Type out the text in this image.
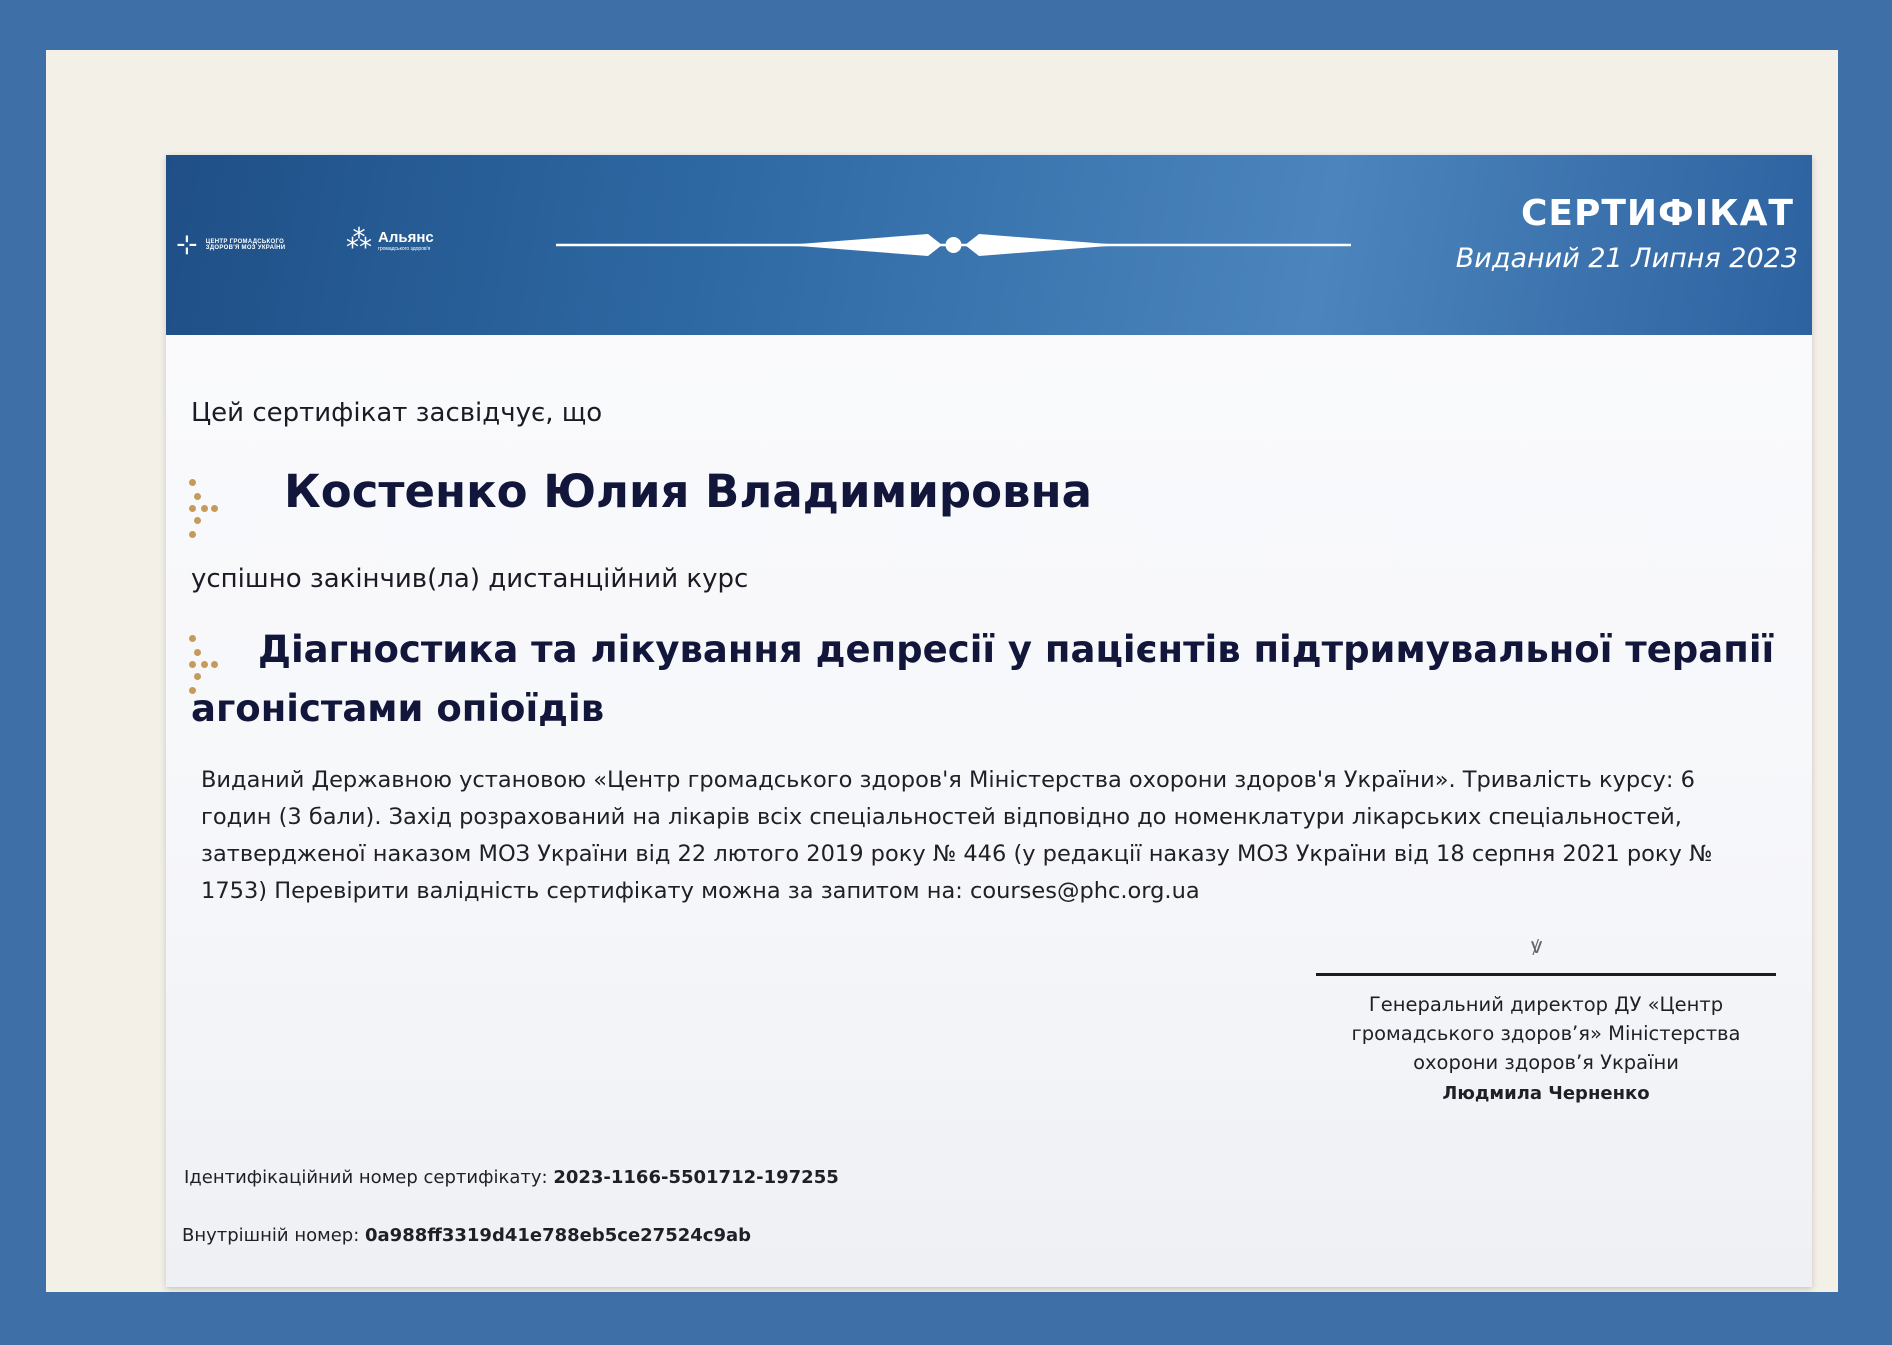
⊹ ЦЕНТР ГРОМАДСЬКОГО
ЗДОРОВ'Я МОЗ УКРАЇНИ ⁂ Альянс
громадського здоров'я
СЕРТИФІКАТ
Виданий 21 Липня 2023
Цей сертифікат засвідчує, що
Костенко Юлия Владимировна
успішно закінчив(ла) дистанційний курс
Діагностика та лікування депресії у пацієнтів підтримувальної терапії
агоністами опіоїдів
Виданий Державною установою «Центр громадського здоров'я Міністерства охорони здоров'я України». Тривалість курсу: 6
годин (3 бали). Захід розрахований на лікарів всіх спеціальностей відповідно до номенклатури лікарських спеціальностей,
затвердженої наказом МОЗ України від 22 лютого 2019 року № 446 (у редакції наказу МОЗ України від 18 серпня 2021 року №
1753) Перевірити валідність сертифікату можна за запитом на: courses@phc.org.ua
ꝟ
Генеральний директор ДУ «Центр
громадського здоров’я» Міністерства
охорони здоров’я України
Людмила Черненко
Ідентифікаційний номер сертифікату: 2023-1166-5501712-197255
Внутрішній номер: 0a988ff3319d41e788eb5ce27524c9ab
